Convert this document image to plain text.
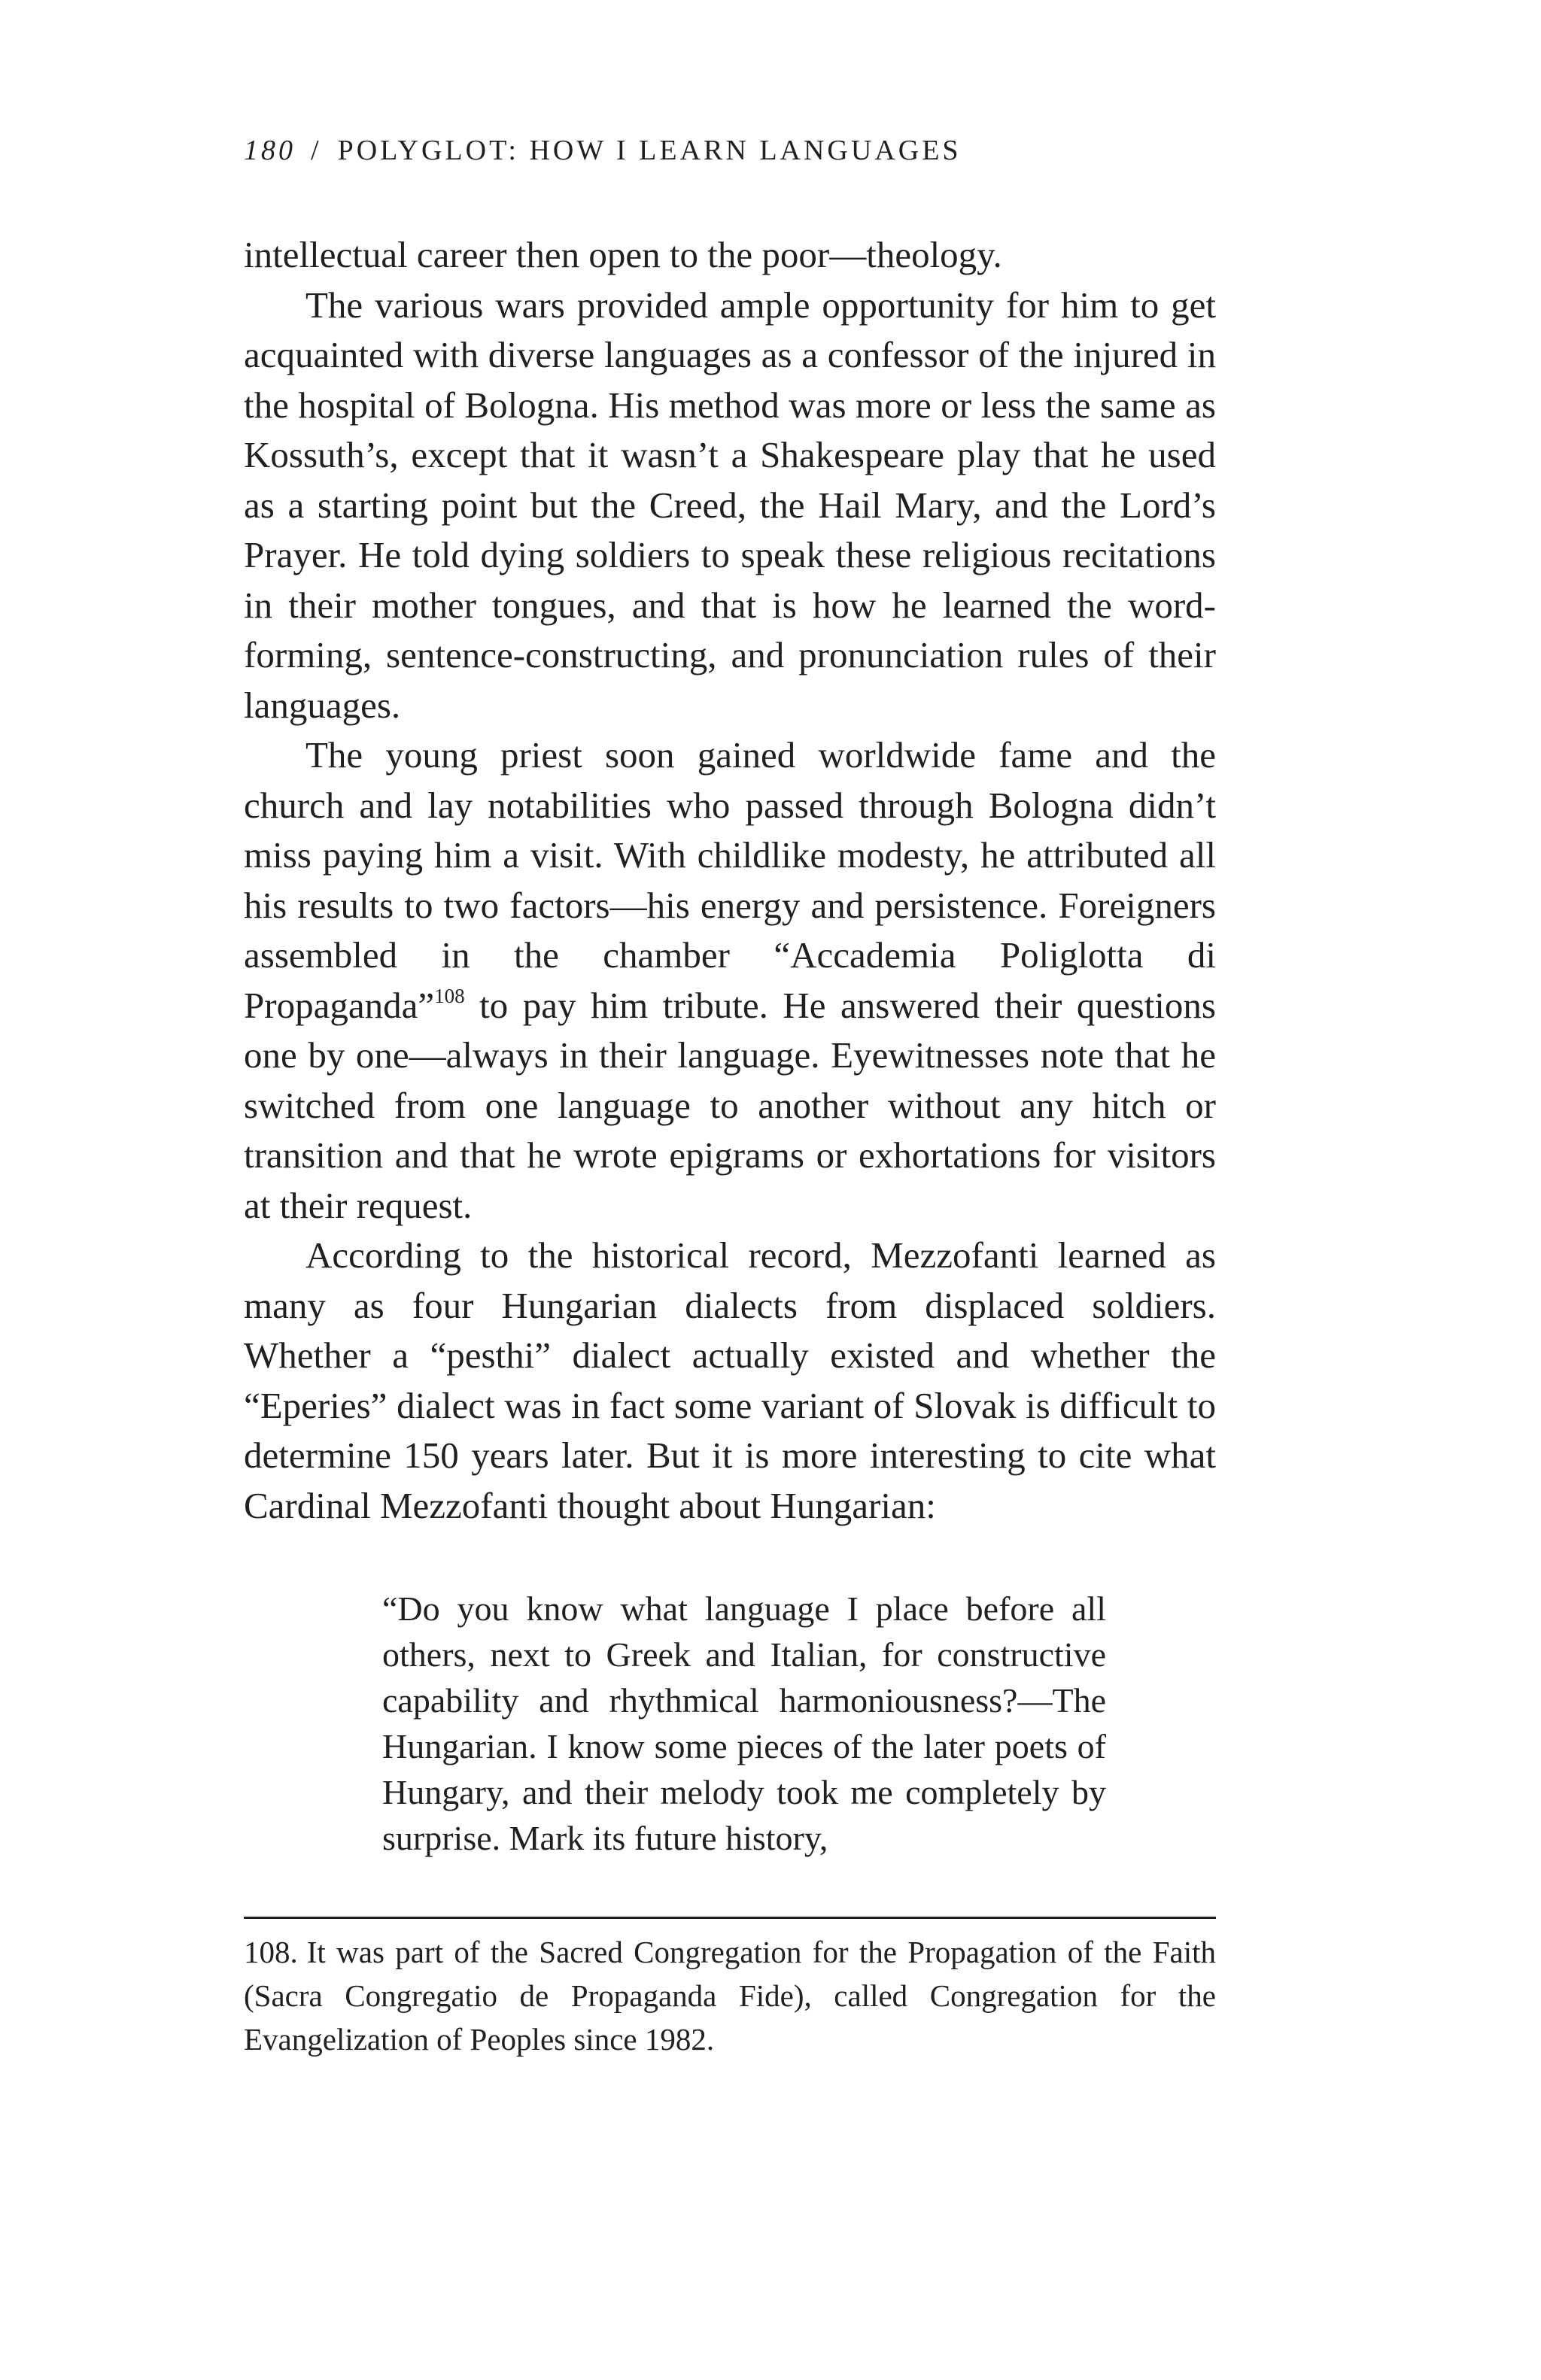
180 / POLYGLOT: HOW I LEARN LANGUAGES

intellectual career then open to the poor—theology.

The various wars provided ample opportunity for him to get acquainted with diverse languages as a confessor of the injured in the hospital of Bologna. His method was more or less the same as Kossuth’s, except that it wasn’t a Shakespeare play that he used as a starting point but the Creed, the Hail Mary, and the Lord’s Prayer. He told dying soldiers to speak these religious recitations in their mother tongues, and that is how he learned the word-forming, sentence-constructing, and pronunciation rules of their languages.

The young priest soon gained worldwide fame and the church and lay notabilities who passed through Bologna didn’t miss paying him a visit. With childlike modesty, he attributed all his results to two factors—his energy and persistence. Foreigners assembled in the chamber “Accademia Poliglotta di Propaganda”$^{108}$ to pay him tribute. He answered their questions one by one—always in their language. Eyewitnesses note that he switched from one language to another without any hitch or transition and that he wrote epigrams or exhortations for visitors at their request.

According to the historical record, Mezzofanti learned as many as four Hungarian dialects from displaced soldiers. Whether a “pesthi” dialect actually existed and whether the “Eperies” dialect was in fact some variant of Slovak is difficult to determine 150 years later. But it is more interesting to cite what Cardinal Mezzofanti thought about Hungarian:

“Do you know what language I place before all others, next to Greek and Italian, for constructive capability and rhythmical harmoniousness?—The Hungarian. I know some pieces of the later poets of Hungary, and their melody took me completely by surprise. Mark its future history,

108. It was part of the Sacred Congregation for the Propagation of the Faith (Sacra Congregatio de Propaganda Fide), called Congregation for the Evangelization of Peoples since 1982.
